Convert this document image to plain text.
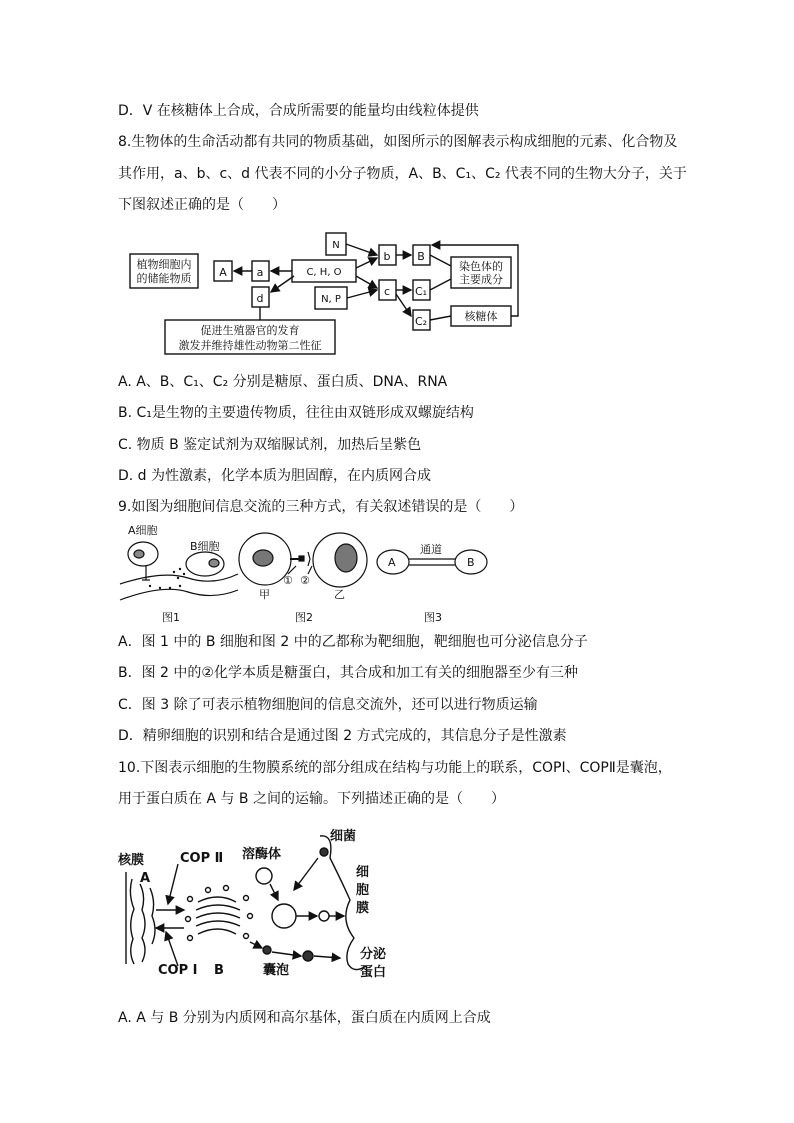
D．V 在核糖体上合成，合成所需要的能量均由线粒体提供
8.生物体的生命活动都有共同的物质基础，如图所示的图解表示构成细胞的元素、化合物及
其作用，a、b、c、d 代表不同的小分子物质，A、B、C₁、C₂ 代表不同的生物大分子，关于
下图叙述正确的是（　　）
植物细胞内
的储能物质	A	a	C, H, O
d
N
b B
N, P
c C₁
C₂
染色体的
主要成分
核糖体
促进生殖器官的发育
激发并维持雄性动物第二性征
A. A、B、C₁、C₂ 分别是糖原、蛋白质、DNA、RNA
B. C₁是生物的主要遗传物质，往往由双链形成双螺旋结构
C. 物质 B 鉴定试剂为双缩脲试剂，加热后呈紫色
D. d 为性激素，化学本质为胆固醇，在内质网合成
9.如图为细胞间信息交流的三种方式，有关叙述错误的是（　　）
A细胞
B细胞
甲
① ②
乙
通道
A	B
图1	图2	图3
A．图 1 中的 B 细胞和图 2 中的乙都称为靶细胞，靶细胞也可分泌信息分子
B．图 2 中的②化学本质是糖蛋白，其合成和加工有关的细胞器至少有三种
C．图 3 除了可表示植物细胞间的信息交流外，还可以进行物质运输
D．精卵细胞的识别和结合是通过图 2 方式完成的，其信息分子是性激素
10.下图表示细胞的生物膜系统的部分组成在结构与功能上的联系，COPⅠ、COPⅡ是囊泡，
用于蛋白质在 A 与 B 之间的运输。下列描述正确的是（　　）
核膜
A
COP Ⅱ
COP Ⅰ B
溶酶体
细菌
细
胞
膜
囊泡
分泌
蛋白
A. A 与 B 分别为内质网和高尔基体，蛋白质在内质网上合成
